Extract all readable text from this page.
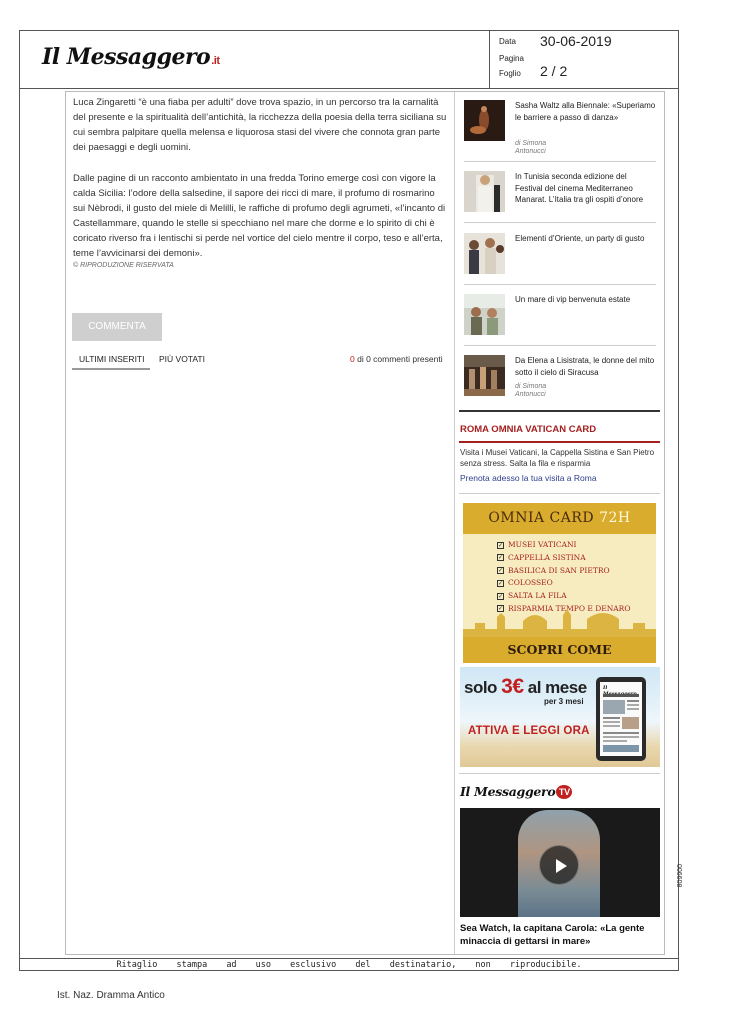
Il Messaggero.it
Data 30-06-2019
Pagina
Foglio 2 / 2
Luca Zingaretti “è una fiaba per adulti” dove trova spazio, in un percorso tra la carnalità del presente e la spiritualità dell’antichità, la ricchezza della poesia della terra siciliana su cui sembra palpitare quella melensa e liquorosa stasi del vivere che connota gran parte dei paesaggi e degli uomini.
Dalle pagine di un racconto ambientato in una fredda Torino emerge così con vigore la calda Sicilia: l’odore della salsedine, il sapore dei ricci di mare, il profumo di rosmarino sui Nèbrodi, il gusto del miele di Melilli, le raffiche di profumo degli agrumeti, «l’incanto di Castellammare, quando le stelle si specchiano nel mare che dorme e lo spirito di chi è coricato riverso fra i lentischi si perde nel vortice del cielo mentre il corpo, teso e all’erta, teme l’avvicinarsi dei demoni».
© RIPRODUZIONE RISERVATA
COMMENTA
ULTIMI INSERITI	PIÙ VOTATI	0 di 0 commenti presenti
Sasha Waltz alla Biennale: «Superiamo le barriere a passo di danza»
di Simona Antonucci
In Tunisia seconda edizione del Festival del cinema Mediterraneo Manarat. L’Italia tra gli ospiti d’onore
Elementi d’Oriente, un party di gusto
Un mare di vip benvenuta estate
Da Elena a Lisistrata, le donne del mito sotto il cielo di Siracusa
di Simona Antonucci
ROMA OMNIA VATICAN CARD
Visita i Musei Vaticani, la Cappella Sistina e San Pietro senza stress. Salta la fila e risparmia
Prenota adesso la tua visita a Roma
OMNIA CARD 72H
✓ MUSEI VATICANI
✓ CAPPELLA SISTINA
✓ BASILICA DI SAN PIETRO
✓ COLOSSEO
✓ SALTA LA FILA
✓ RISPARMIA TEMPO E DENARO
SCOPRI COME
solo 3€ al mese
per 3 mesi
ATTIVA E LEGGI ORA
Il
Il Messaggero TV
Sea Watch, la capitana Carola: «La gente minaccia di gettarsi in mare»
Ritaglio stampa ad uso esclusivo del destinatario, non riproducibile.
006608
Ist. Naz. Dramma Antico
